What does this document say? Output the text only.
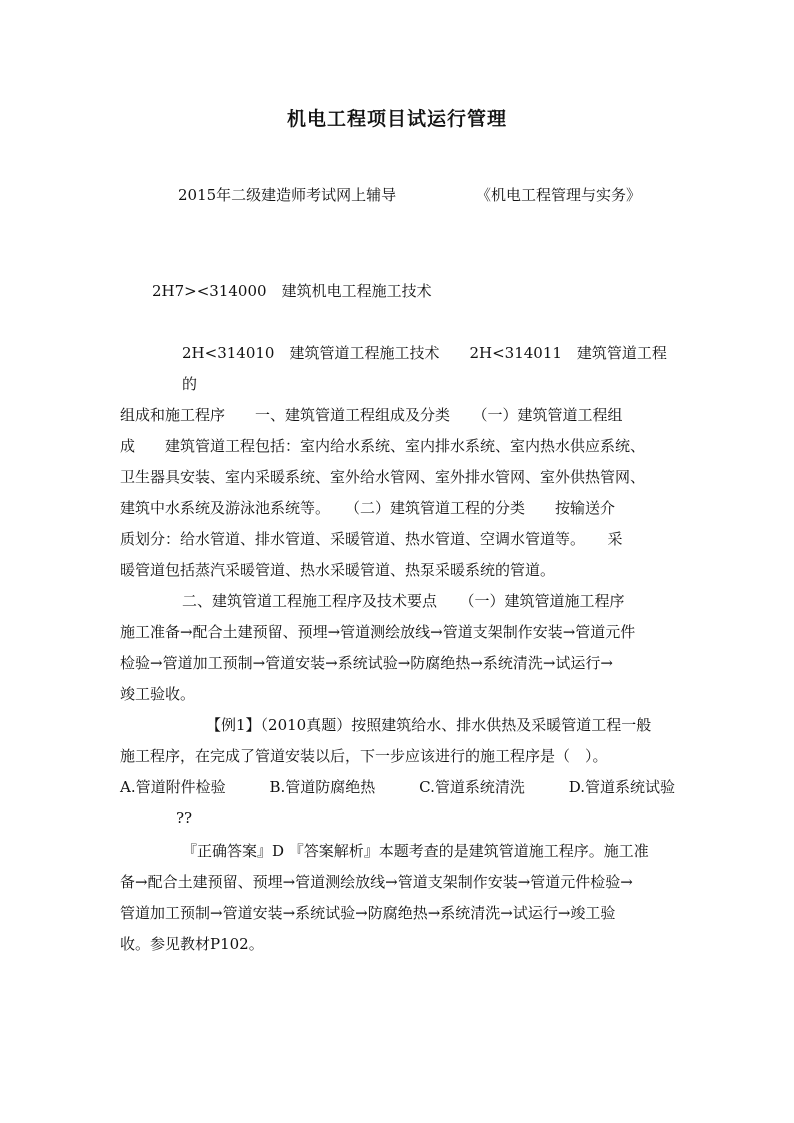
机电工程项目试运行管理
2015年二级建造师考试网上辅导	《机电工程管理与实务》
2H7><314000　建筑机电工程施工技术

2H<314010　建筑管道工程施工技术　　2H<314011　建筑管道工程的

组成和施工程序　　一、建筑管道工程组成及分类　　（一）建筑管道工程组

成　　建筑管道工程包括：室内给水系统、室内排水系统、室内热水供应系统、

卫生器具安装、室内采暖系统、室外给水管网、室外排水管网、室外供热管网、

建筑中水系统及游泳池系统等。　　（二）建筑管道工程的分类　　按输送介

质划分：给水管道、排水管道、采暖管道、热水管道、空调水管道等。　　采

暖管道包括蒸汽采暖管道、热水采暖管道、热泵采暖系统的管道。

二、建筑管道工程施工程序及技术要点　　（一）建筑管道施工程序

施工准备→配合土建预留、预埋→管道测绘放线→管道支架制作安装→管道元件

检验→管道加工预制→管道安装→系统试验→防腐绝热→系统清洗→试运行→

竣工验收。

【例1】（2010真题）按照建筑给水、排水供热及采暖管道工程一般

施工程序，在完成了管道安装以后，下一步应该进行的施工程序是（　）。

A.管道附件检验	B.管道防腐绝热	C.管道系统清洗	D.管道系统试验
??

『正确答案』D 『答案解析』本题考查的是建筑管道施工程序。施工准

备→配合土建预留、预埋→管道测绘放线→管道支架制作安装→管道元件检验→

管道加工预制→管道安装→系统试验→防腐绝热→系统清洗→试运行→竣工验

收。参见教材P102。
